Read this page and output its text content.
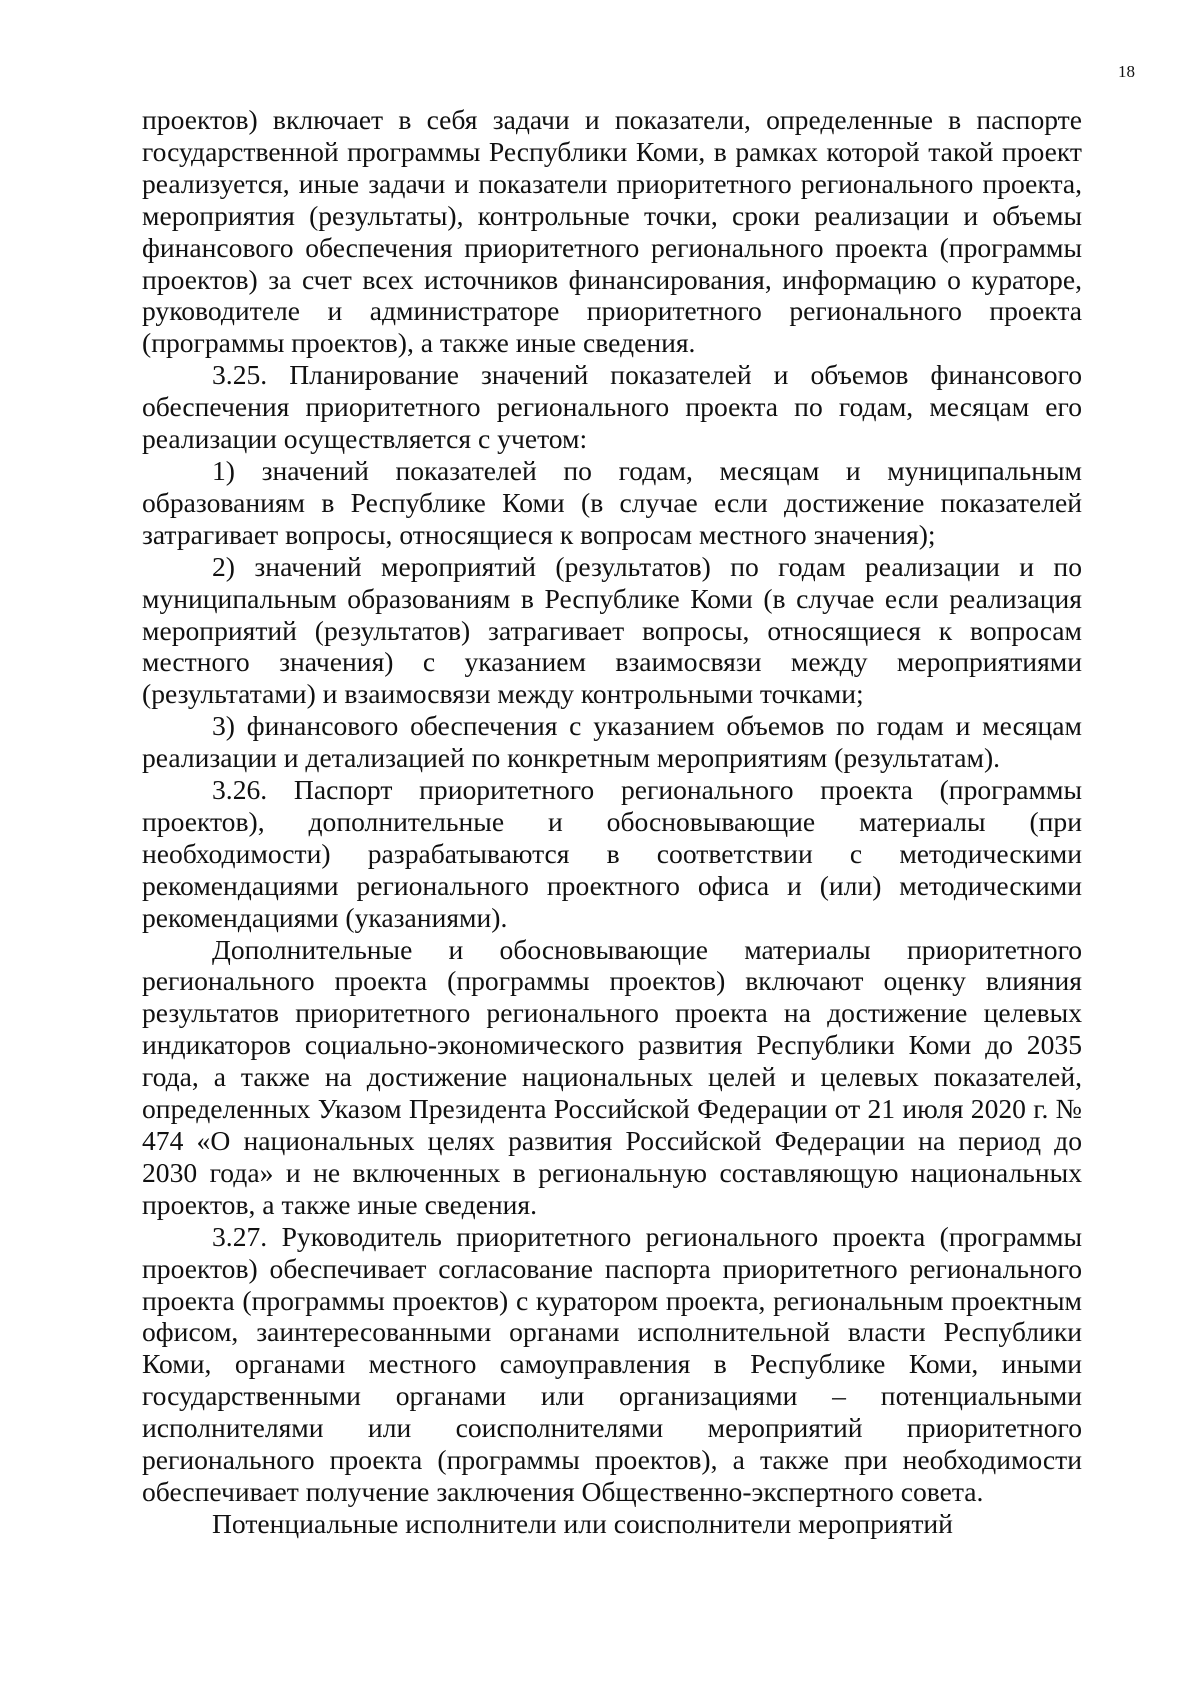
18

проектов) включает в себя задачи и показатели, определенные в паспорте государственной программы Республики Коми, в рамках которой такой проект реализуется, иные задачи и показатели приоритетного регионального проекта, мероприятия (результаты), контрольные точки, сроки реализации и объемы финансового обеспечения приоритетного регионального проекта (программы проектов) за счет всех источников финансирования, информацию о кураторе, руководителе и администраторе приоритетного регионального проекта (программы проектов), а также иные сведения.

3.25. Планирование значений показателей и объемов финансового обеспечения приоритетного регионального проекта по годам, месяцам его реализации осуществляется с учетом:

1) значений показателей по годам, месяцам и муниципальным образованиям в Республике Коми (в случае если достижение показателей затрагивает вопросы, относящиеся к вопросам местного значения);

2) значений мероприятий (результатов) по годам реализации и по муниципальным образованиям в Республике Коми (в случае если реализация мероприятий (результатов) затрагивает вопросы, относящиеся к вопросам местного значения) с указанием взаимосвязи между мероприятиями (результатами) и взаимосвязи между контрольными точками;

3) финансового обеспечения с указанием объемов по годам и месяцам реализации и детализацией по конкретным мероприятиям (результатам).

3.26. Паспорт приоритетного регионального проекта (программы проектов), дополнительные и обосновывающие материалы (при необходимости) разрабатываются в соответствии с методическими рекомендациями регионального проектного офиса и (или) методическими рекомендациями (указаниями).

Дополнительные и обосновывающие материалы приоритетного регионального проекта (программы проектов) включают оценку влияния результатов приоритетного регионального проекта на достижение целевых индикаторов социально-экономического развития Республики Коми до 2035 года, а также на достижение национальных целей и целевых показателей, определенных Указом Президента Российской Федерации от 21 июля 2020 г. № 474 «О национальных целях развития Российской Федерации на период до 2030 года» и не включенных в региональную составляющую национальных проектов, а также иные сведения.

3.27. Руководитель приоритетного регионального проекта (программы проектов) обеспечивает согласование паспорта приоритетного регионального проекта (программы проектов) с куратором проекта, региональным проектным офисом, заинтересованными органами исполнительной власти Республики Коми, органами местного самоуправления в Республике Коми, иными государственными органами или организациями – потенциальными исполнителями или соисполнителями мероприятий приоритетного регионального проекта (программы проектов), а также при необходимости обеспечивает получение заключения Общественно-экспертного совета.

Потенциальные исполнители или соисполнители мероприятий
